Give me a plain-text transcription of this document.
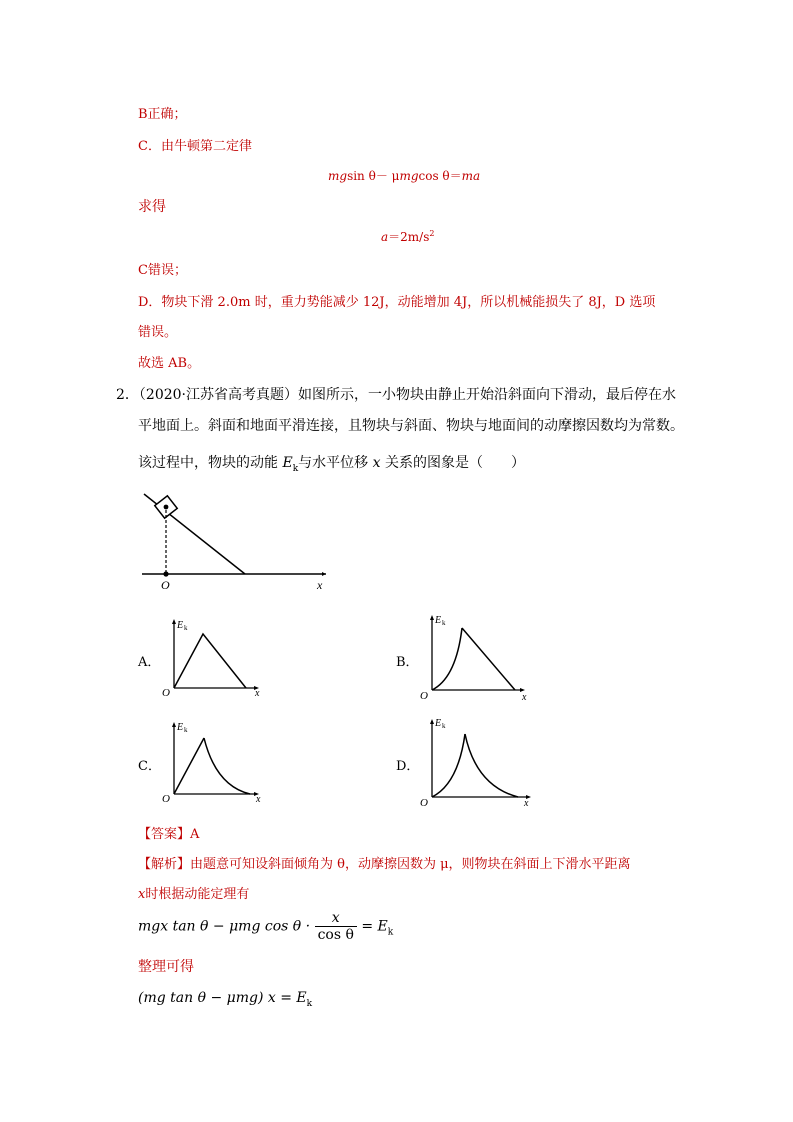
B正确；
C．由牛顿第二定律
mgsin θ－ μmgcos θ＝ma
求得
$a=2m/s^2$
C错误；
D．物块下滑 2.0m 时，重力势能减少 12J，动能增加 4J，所以机械能损失了 8J，D 选项
错误。
故选 AB。
2．（2020·江苏省高考真题）如图所示，一小物块由静止开始沿斜面向下滑动，最后停在水
平地面上。斜面和地面平滑连接，且物块与斜面、物块与地面间的动摩擦因数均为常数。
该过程中，物块的动能 $E_k$与水平位移 x 关系的图象是（　　）
O	x
A．
E k
O	x
B．
E k
O	x
C．
E k
O	x
D．
E k
O	x
【答案】A
【解析】由题意可知设斜面倾角为 θ，动摩擦因数为 μ，则物块在斜面上下滑水平距离
x时根据动能定理有
mgx tan θ − μmg $\cos \theta \cdot \frac{x}{\text{cos θ}} = E_k$
整理可得
(mg tan θ − μmg) $x = E_k$
